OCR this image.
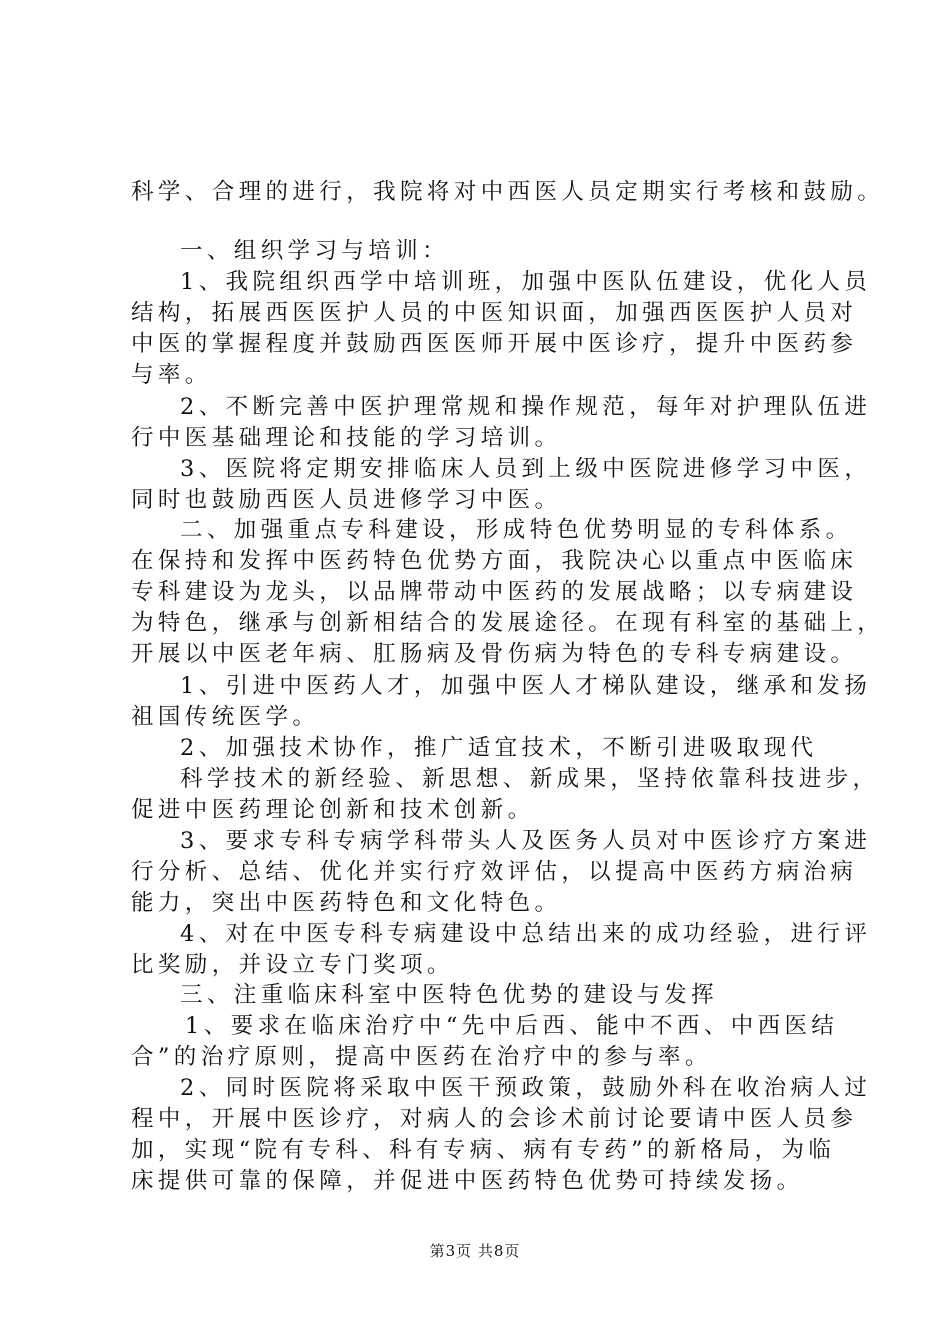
科学、合理的进行，我院将对中西医人员定期实行考核和鼓励。
一、组织学习与培训：
1、我院组织西学中培训班，加强中医队伍建设，优化人员
结构，拓展西医医护人员的中医知识面，加强西医医护人员对
中医的掌握程度并鼓励西医医师开展中医诊疗，提升中医药参
与率。
2、不断完善中医护理常规和操作规范，每年对护理队伍进
行中医基础理论和技能的学习培训。
3、医院将定期安排临床人员到上级中医院进修学习中医，
同时也鼓励西医人员进修学习中医。
二、加强重点专科建设，形成特色优势明显的专科体系。
在保持和发挥中医药特色优势方面，我院决心以重点中医临床
专科建设为龙头，以品牌带动中医药的发展战略；以专病建设
为特色，继承与创新相结合的发展途径。在现有科室的基础上，
开展以中医老年病、肛肠病及骨伤病为特色的专科专病建设。
1、引进中医药人才，加强中医人才梯队建设，继承和发扬
祖国传统医学。
2、加强技术协作，推广适宜技术，不断引进吸取现代
科学技术的新经验、新思想、新成果，坚持依靠科技进步，
促进中医药理论创新和技术创新。
3、要求专科专病学科带头人及医务人员对中医诊疗方案进
行分析、总结、优化并实行疗效评估，以提高中医药方病治病
能力，突出中医药特色和文化特色。
4、对在中医专科专病建设中总结出来的成功经验，进行评
比奖励，并设立专门奖项。
三、注重临床科室中医特色优势的建设与发挥
1、要求在临床治疗中“先中后西、能中不西、中西医结
合”的治疗原则，提高中医药在治疗中的参与率。
2、同时医院将采取中医干预政策，鼓励外科在收治病人过
程中，开展中医诊疗，对病人的会诊术前讨论要请中医人员参
加，实现“院有专科、科有专病、病有专药”的新格局，为临
床提供可靠的保障，并促进中医药特色优势可持续发扬。
第3页 共8页
